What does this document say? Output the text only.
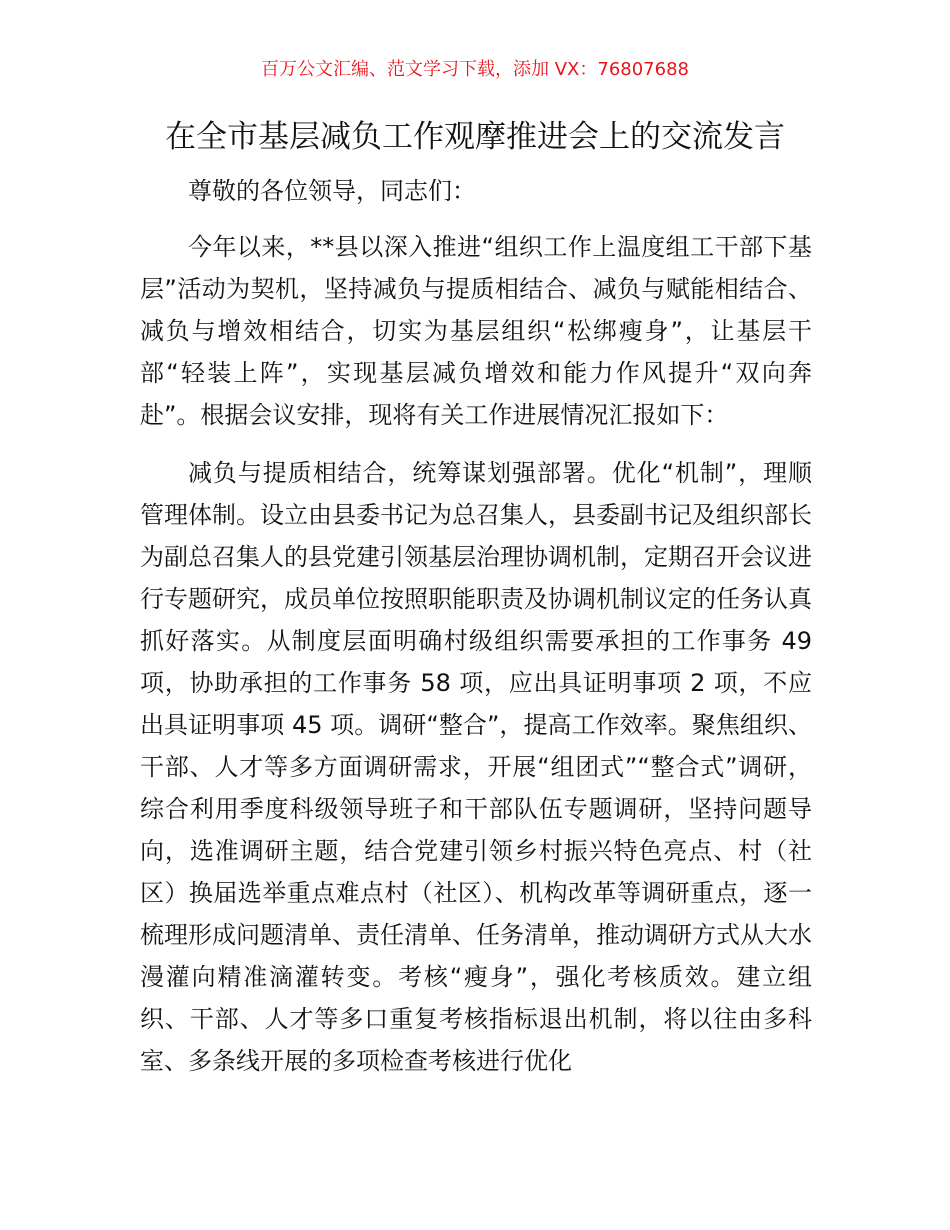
百万公文汇编、范文学习下载，添加 VX：76807688
在全市基层减负工作观摩推进会上的交流发言

尊敬的各位领导，同志们：

今年以来，**县以深入推进“组织工作上温度组工干部下基层”活动为契机，坚持减负与提质相结合、减负与赋能相结合、减负与增效相结合，切实为基层组织“松绑瘦身”，让基层干部“轻装上阵”，实现基层减负增效和能力作风提升“双向奔赴”。根据会议安排，现将有关工作进展情况汇报如下：

减负与提质相结合，统筹谋划强部署。优化“机制”，理顺管理体制。设立由县委书记为总召集人，县委副书记及组织部长为副总召集人的县党建引领基层治理协调机制，定期召开会议进行专题研究，成员单位按照职能职责及协调机制议定的任务认真抓好落实。从制度层面明确村级组织需要承担的工作事务 49 项，协助承担的工作事务 58 项，应出具证明事项 2 项，不应出具证明事项 45 项。调研“整合”，提高工作效率。聚焦组织、干部、人才等多方面调研需求，开展“组团式”“整合式”调研，综合利用季度科级领导班子和干部队伍专题调研，坚持问题导向，选准调研主题，结合党建引领乡村振兴特色亮点、村（社区）换届选举重点难点村（社区）、机构改革等调研重点，逐一梳理形成问题清单、责任清单、任务清单，推动调研方式从大水漫灌向精准滴灌转变。考核“瘦身”，强化考核质效。建立组织、干部、人才等多口重复考核指标退出机制，将以往由多科室、多条线开展的多项检查考核进行优化
